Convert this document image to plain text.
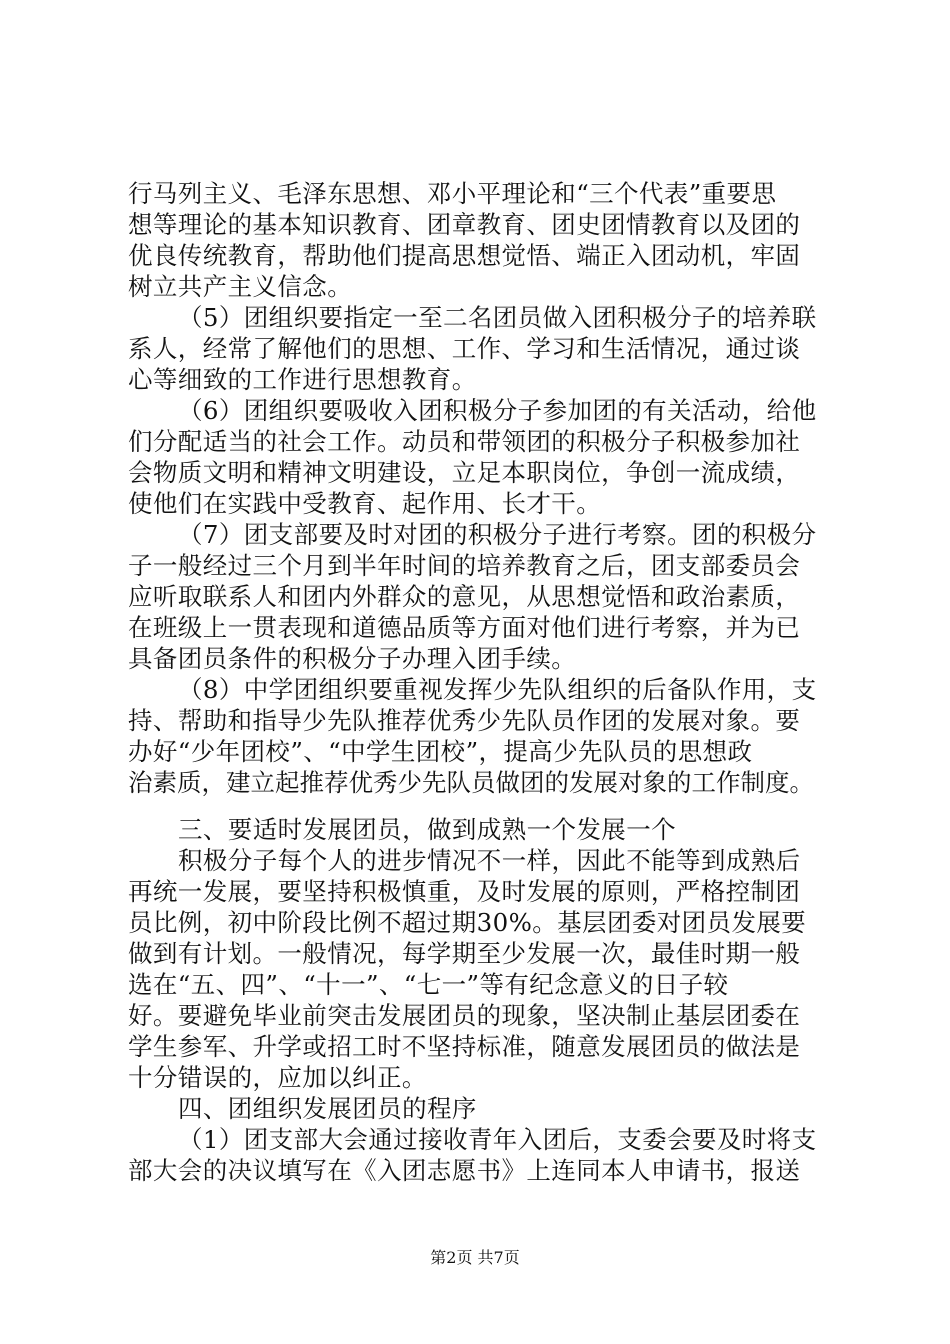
行马列主义、毛泽东思想、邓小平理论和“三个代表”重要思
想等理论的基本知识教育、团章教育、团史团情教育以及团的
优良传统教育，帮助他们提高思想觉悟、端正入团动机，牢固
树立共产主义信念。
（5）团组织要指定一至二名团员做入团积极分子的培养联
系人，经常了解他们的思想、工作、学习和生活情况，通过谈
心等细致的工作进行思想教育。
（6）团组织要吸收入团积极分子参加团的有关活动，给他
们分配适当的社会工作。动员和带领团的积极分子积极参加社
会物质文明和精神文明建设，立足本职岗位，争创一流成绩，
使他们在实践中受教育、起作用、长才干。
（7）团支部要及时对团的积极分子进行考察。团的积极分
子一般经过三个月到半年时间的培养教育之后，团支部委员会
应听取联系人和团内外群众的意见，从思想觉悟和政治素质，
在班级上一贯表现和道德品质等方面对他们进行考察，并为已
具备团员条件的积极分子办理入团手续。
（8）中学团组织要重视发挥少先队组织的后备队作用，支
持、帮助和指导少先队推荐优秀少先队员作团的发展对象。要
办好“少年团校”、“中学生团校”，提高少先队员的思想政
治素质，建立起推荐优秀少先队员做团的发展对象的工作制度。
三、要适时发展团员，做到成熟一个发展一个
积极分子每个人的进步情况不一样，因此不能等到成熟后
再统一发展，要坚持积极慎重，及时发展的原则，严格控制团
员比例，初中阶段比例不超过期30%。基层团委对团员发展要
做到有计划。一般情况，每学期至少发展一次，最佳时期一般
选在“五、四”、“十一”、“七一”等有纪念意义的日子较
好。要避免毕业前突击发展团员的现象，坚决制止基层团委在
学生参军、升学或招工时不坚持标准，随意发展团员的做法是
十分错误的，应加以纠正。
四、团组织发展团员的程序
（1）团支部大会通过接收青年入团后，支委会要及时将支
部大会的决议填写在《入团志愿书》上连同本人申请书，报送
第2页 共7页
